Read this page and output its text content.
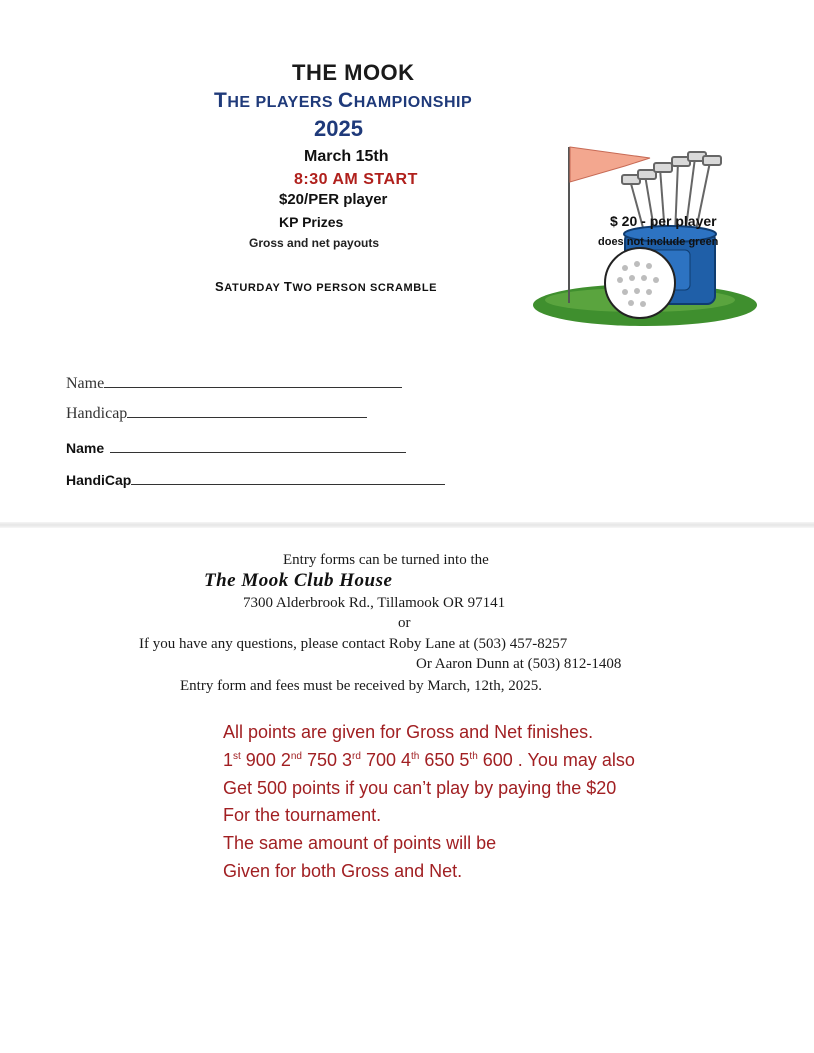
THE MOOK
THE PLAYERS CHAMPIONSHIP
2025
March 15th
8:30 AM START
$20/PER player
KP Prizes
Gross and net payouts
SATURDAY TWO PERSON SCRAMBLE
$ 20 - per player
does not include green
Name
Handicap
Name
HandiCap
Entry forms can be turned into the
The Mook Club House
7300 Alderbrook Rd., Tillamook OR 97141
or
If you have any questions, please contact Roby Lane at (503) 457-8257
Or Aaron Dunn at (503) 812-1408
Entry form and fees must be received by March, 12th, 2025.
All points are given for Gross and Net finishes.
1st 900 2nd 750 3rd 700 4th 650 5th 600 . You may also
Get 500 points if you can’t play by paying the $20
For the tournament.
The same amount of points will be
Given for both Gross and Net.
